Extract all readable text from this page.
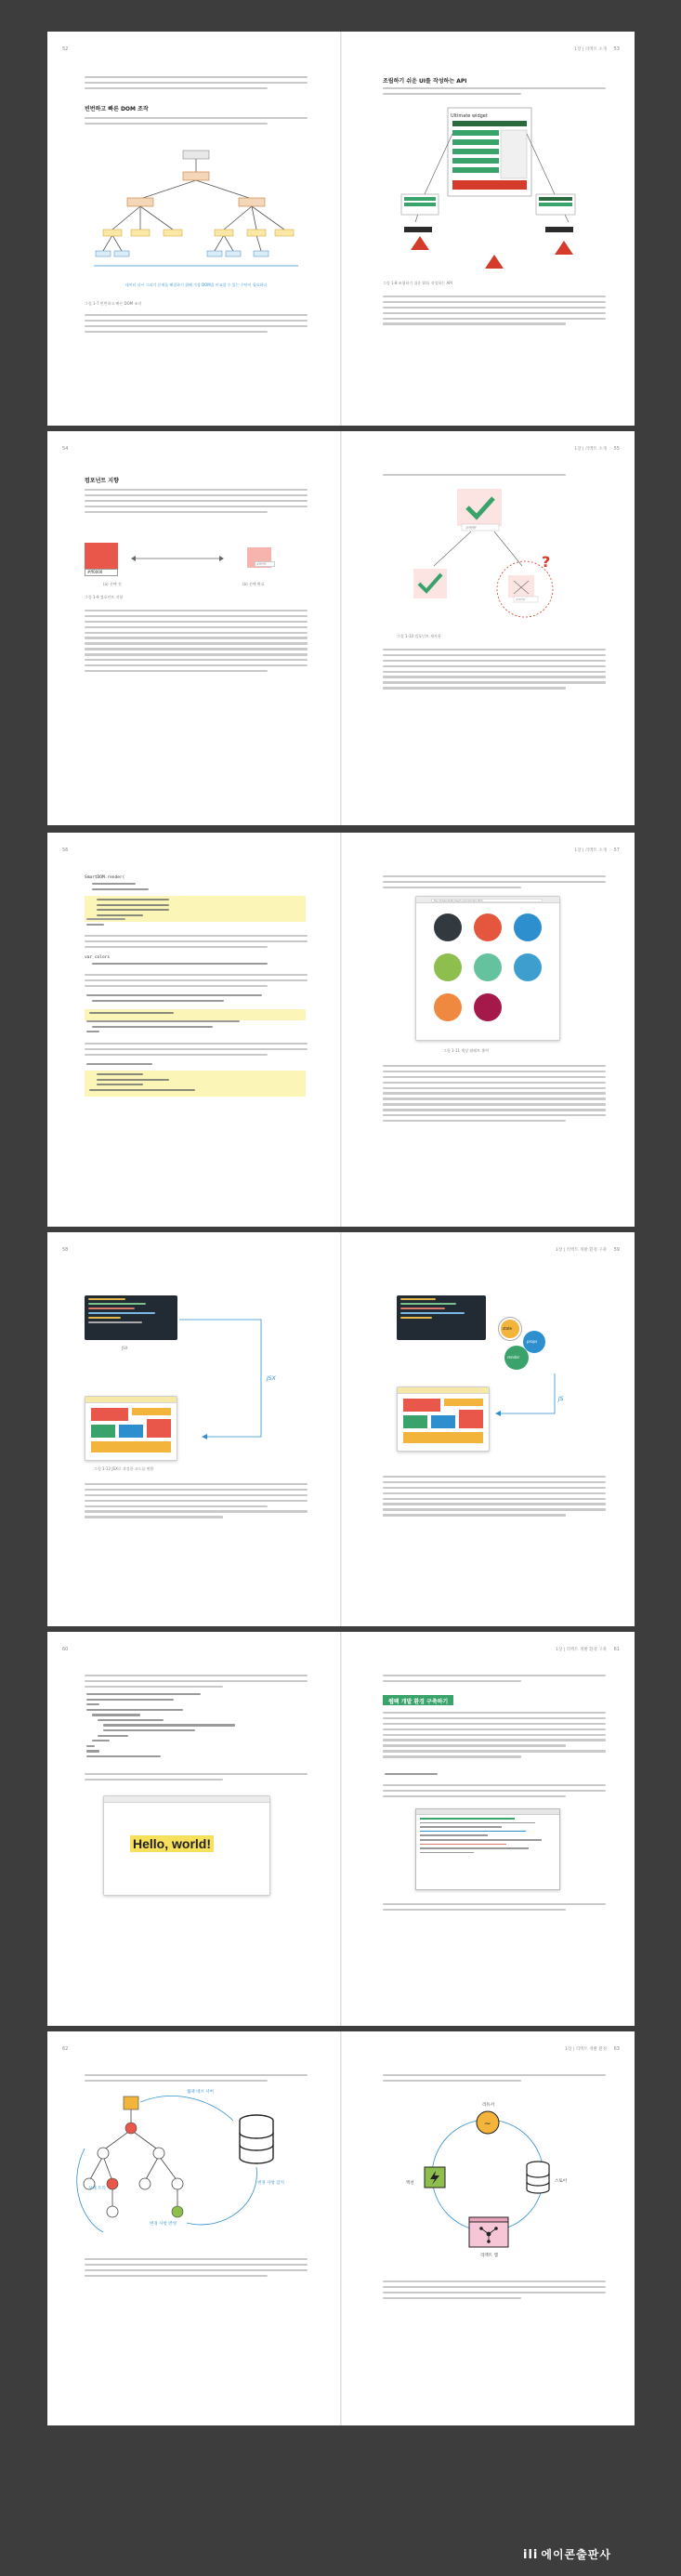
52
빈번하고 빠른 DOM 조작
데이터 다시 그리기 문제를 해결하기 위해 가상 DOM을 비교할 수 있는 수단이 필요하다
그림 1-7 빈번하고 빠른 DOM 조작
1장 | 리액트 소개 53
조립하기 쉬운 UI를 작성하는 API
Ultimate widget
그림 1-8 조립하기 쉬운 UI를 작성하는 API
54
컴포넌트 지향
#ff0000
#ffffff
(a) 선택 전	(b) 선택 완료
그림 1-9 컴포넌트 지향
1장 | 리액트 소개 55
#ffffff
#ffffff
?
그림 1-10 컴포넌트 재사용
56
SmartDOM.render(
var colors
1장 | 리액트 소개 57
file:///Users/hello/react-colors/index.html
그림 1-11 색상 팔레트 출력
58
JSX
JSX
그림 1-12 JSX로 작성한 코드를 변환
1장 | 리액트 개발 환경 구축 59
state
props
render
JS
60
Hello, world!
1장 | 리액트 개발 환경 구축 61
웹팩 개발 환경 구축하기
62
웹팩 데브 서버
상태 트리
변경 사항 반영
변경 사항 감지
1장 | 리액트 개발 환경 63
~
리듀서
스토어
액션
리액트 앱
ili 에이콘출판사
